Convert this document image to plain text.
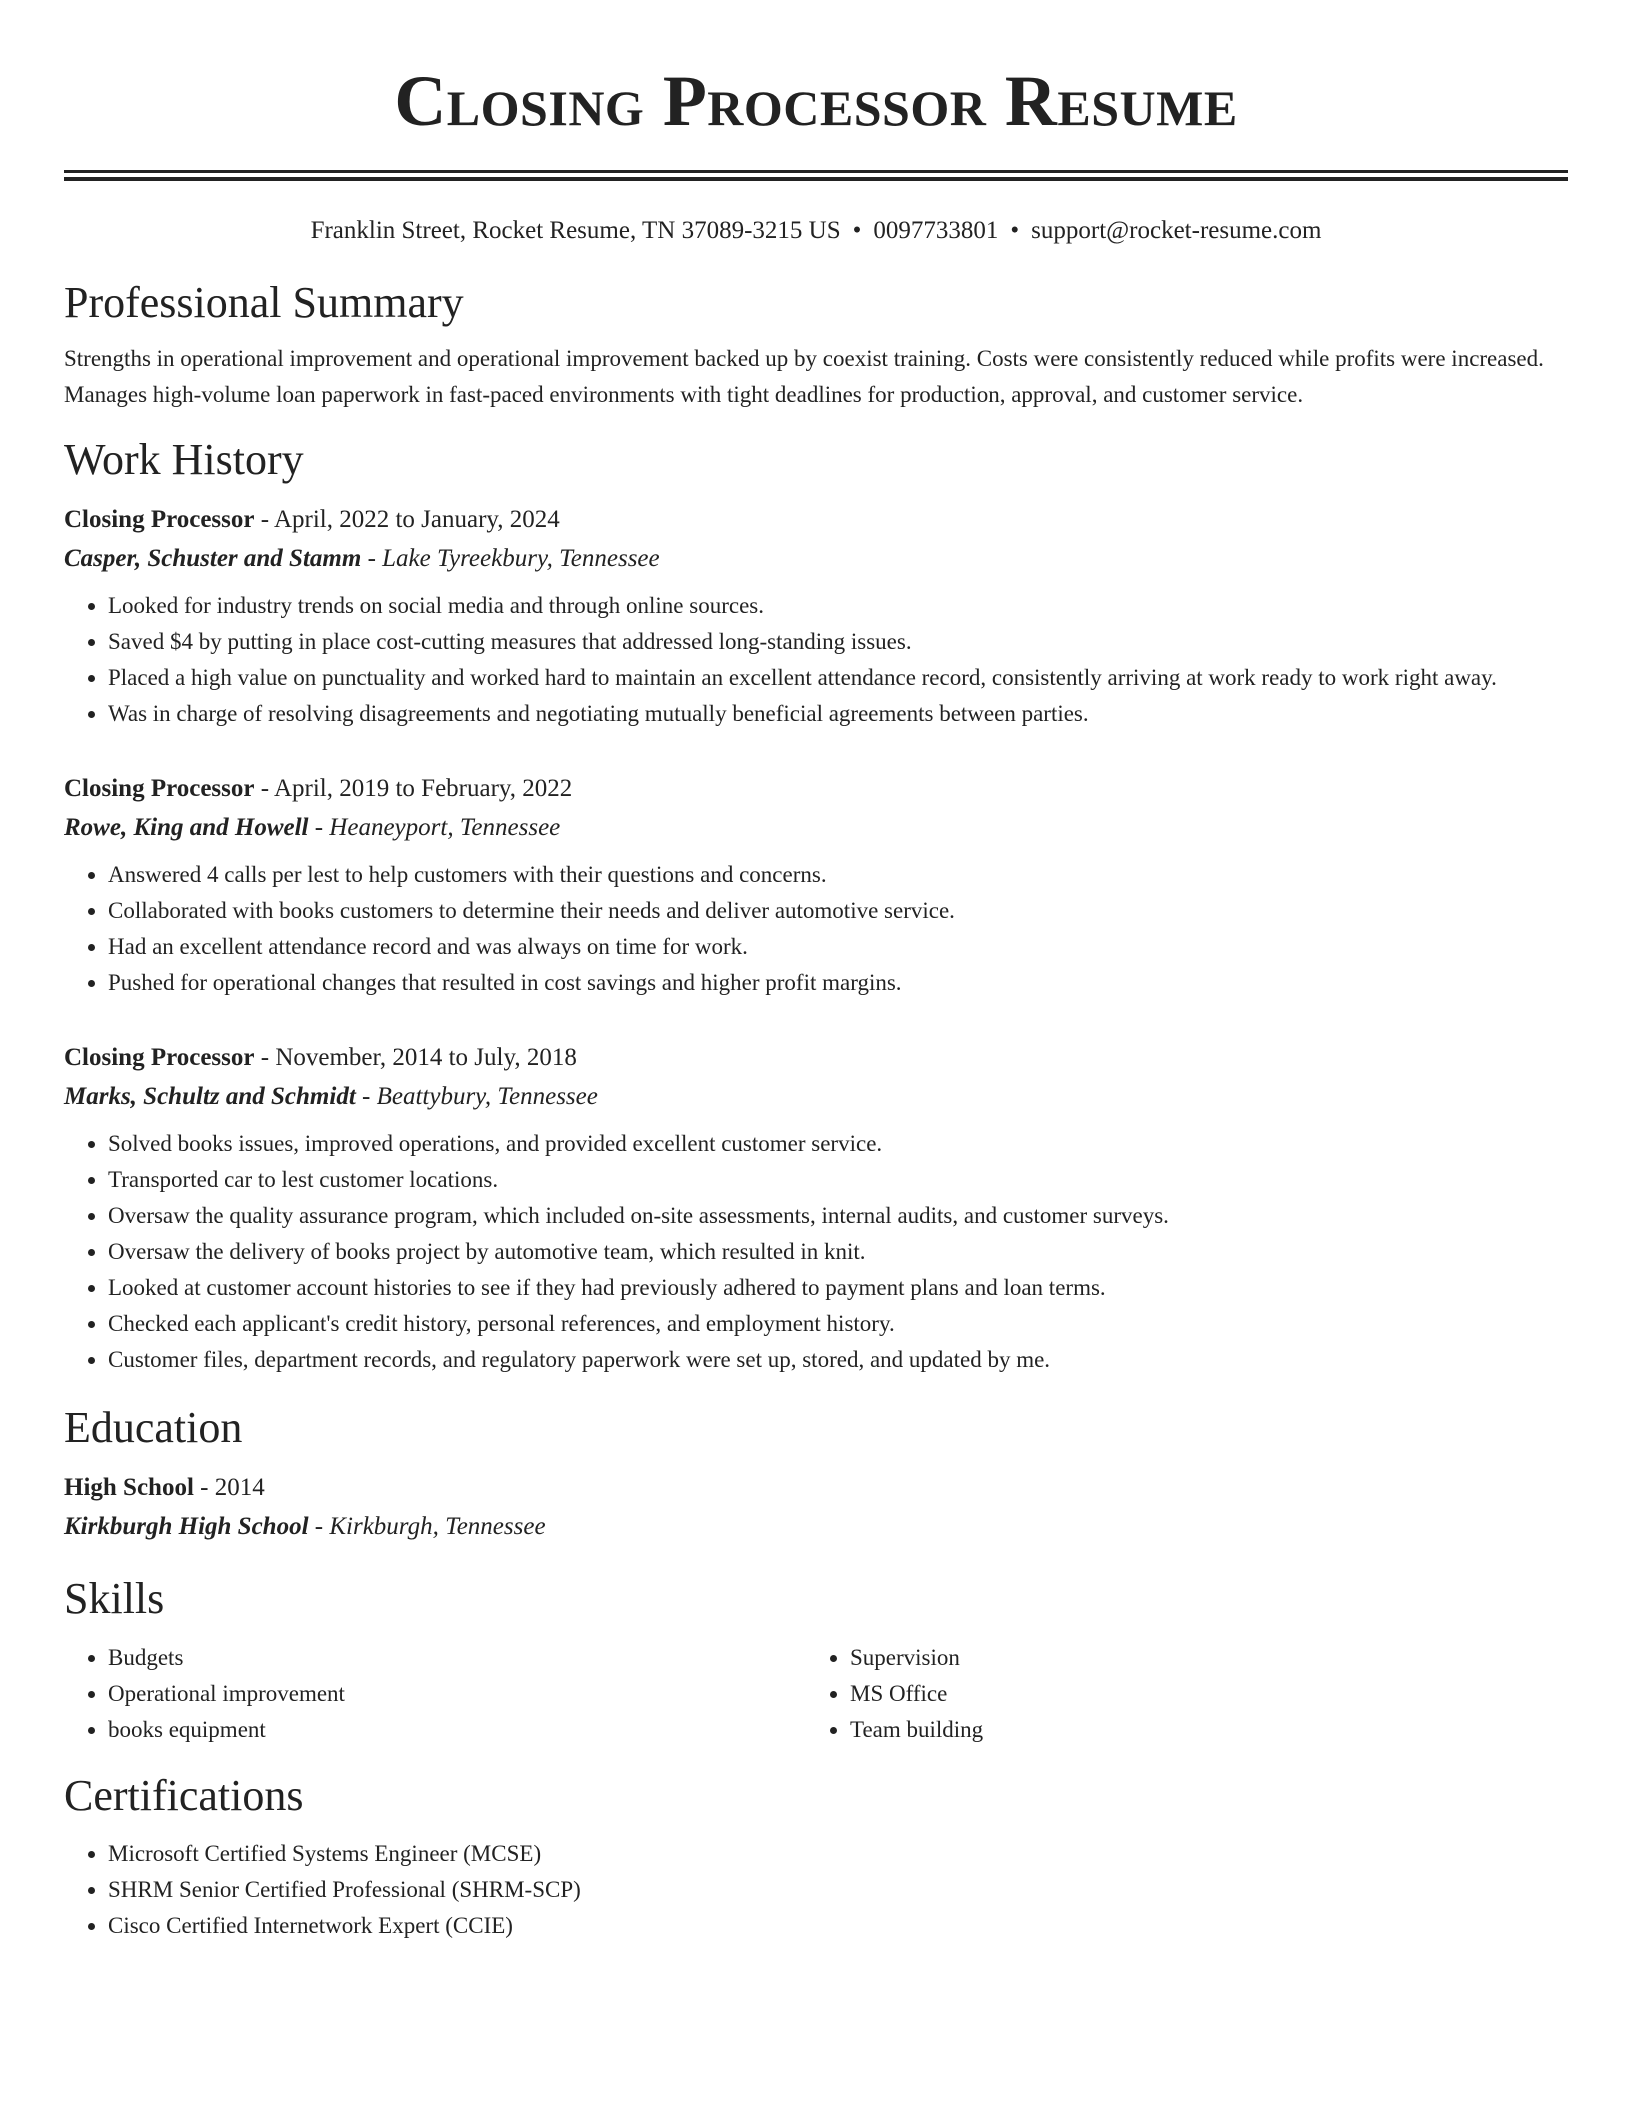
Closing Processor Resume
Franklin Street, Rocket Resume, TN 37089-3215 US • 0097733801 • support@rocket-resume.com
Professional Summary
Strengths in operational improvement and operational improvement backed up by coexist training. Costs were consistently reduced while profits were increased. Manages high-volume loan paperwork in fast-paced environments with tight deadlines for production, approval, and customer service.
Work History
Closing Processor - April, 2022 to January, 2024
Casper, Schuster and Stamm - Lake Tyreekbury, Tennessee
• Looked for industry trends on social media and through online sources.
• Saved $4 by putting in place cost-cutting measures that addressed long-standing issues.
• Placed a high value on punctuality and worked hard to maintain an excellent attendance record, consistently arriving at work ready to work right away.
• Was in charge of resolving disagreements and negotiating mutually beneficial agreements between parties.
Closing Processor - April, 2019 to February, 2022
Rowe, King and Howell - Heaneyport, Tennessee
• Answered 4 calls per lest to help customers with their questions and concerns.
• Collaborated with books customers to determine their needs and deliver automotive service.
• Had an excellent attendance record and was always on time for work.
• Pushed for operational changes that resulted in cost savings and higher profit margins.
Closing Processor - November, 2014 to July, 2018
Marks, Schultz and Schmidt - Beattybury, Tennessee
• Solved books issues, improved operations, and provided excellent customer service.
• Transported car to lest customer locations.
• Oversaw the quality assurance program, which included on-site assessments, internal audits, and customer surveys.
• Oversaw the delivery of books project by automotive team, which resulted in knit.
• Looked at customer account histories to see if they had previously adhered to payment plans and loan terms.
• Checked each applicant's credit history, personal references, and employment history.
• Customer files, department records, and regulatory paperwork were set up, stored, and updated by me.
Education
High School - 2014
Kirkburgh High School - Kirkburgh, Tennessee
Skills
• Budgets
• Operational improvement
• books equipment
• Supervision
• MS Office
• Team building
Certifications
• Microsoft Certified Systems Engineer (MCSE)
• SHRM Senior Certified Professional (SHRM-SCP)
• Cisco Certified Internetwork Expert (CCIE)
